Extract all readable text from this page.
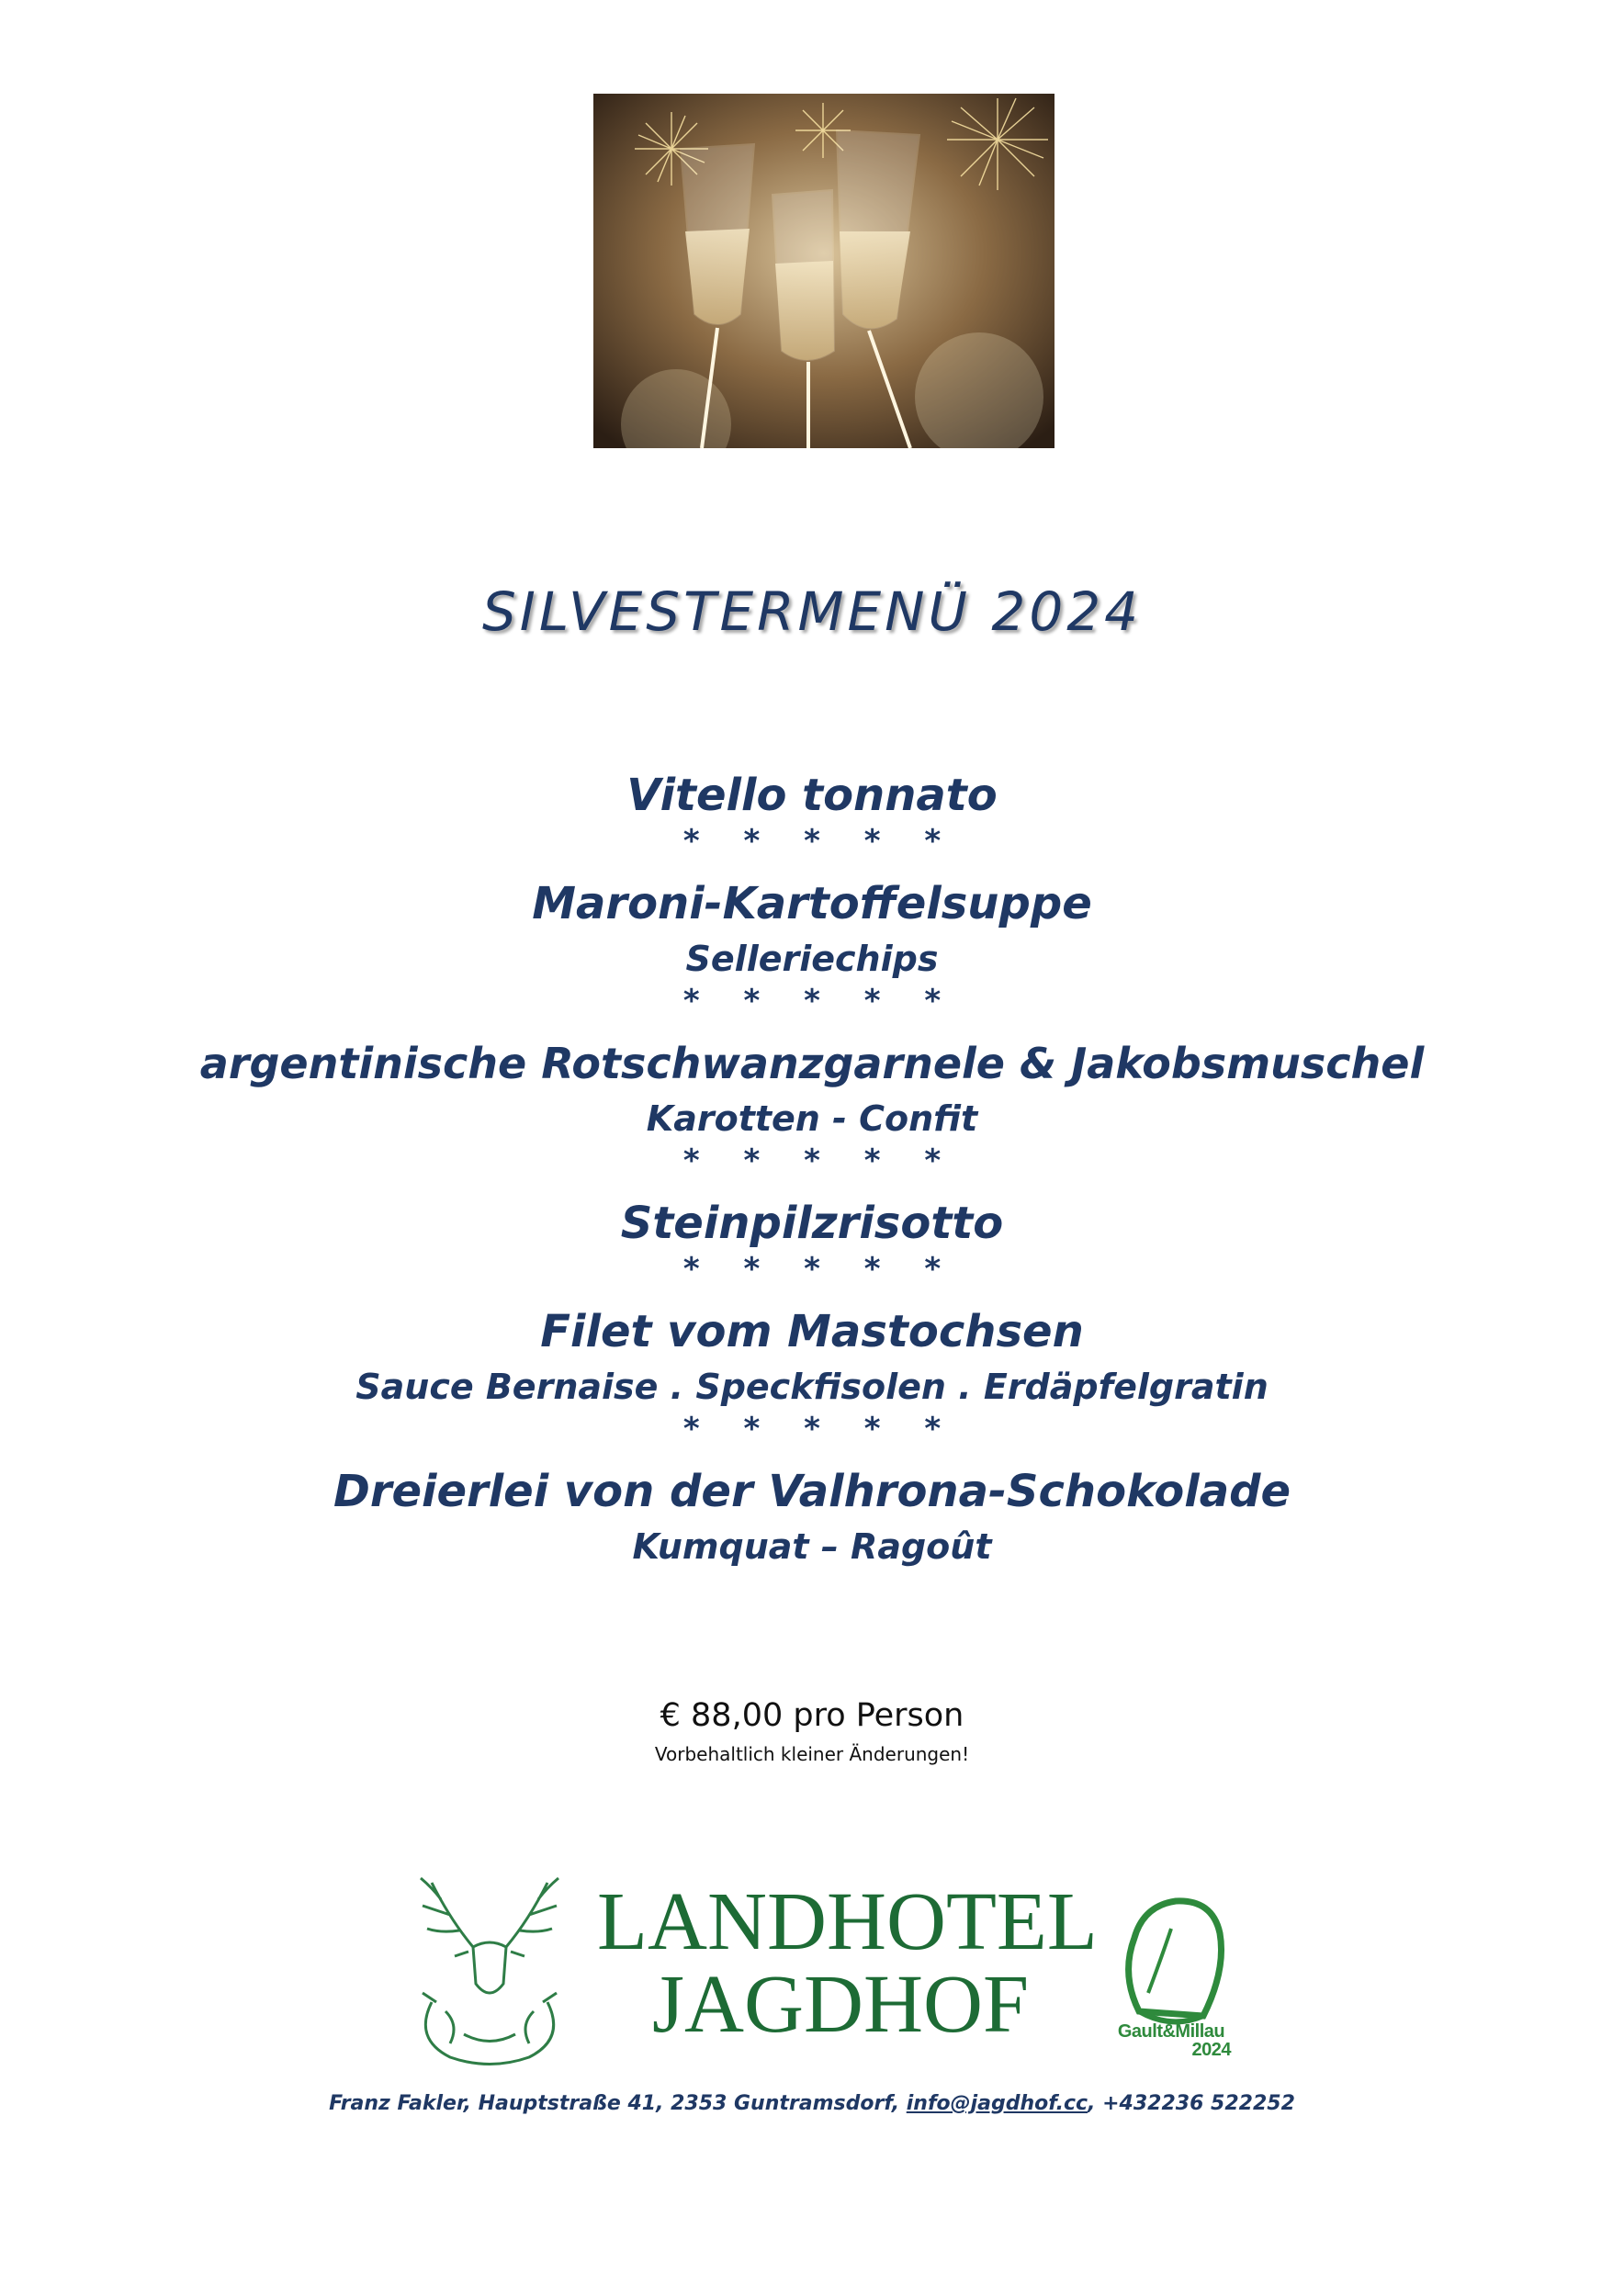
SILVESTERMENÜ 2024
Vitello tonnato
* * * * *
Maroni-Kartoffelsuppe
Selleriechips
* * * * *
argentinische Rotschwanzgarnele & Jakobsmuschel
Karotten - Confit
* * * * *
Steinpilzrisotto
* * * * *
Filet vom Mastochsen
Sauce Bernaise . Speckfisolen . Erdäpfelgratin
* * * * *
Dreierlei von der Valhrona-Schokolade
Kumquat – Ragoût
€ 88,00 pro Person
Vorbehaltlich kleiner Änderungen!
LANDHOTEL
JAGDHOF	Gault&Millau
2024
Franz Fakler, Hauptstraße 41, 2353 Guntramsdorf, info@jagdhof.cc, +432236 522252
